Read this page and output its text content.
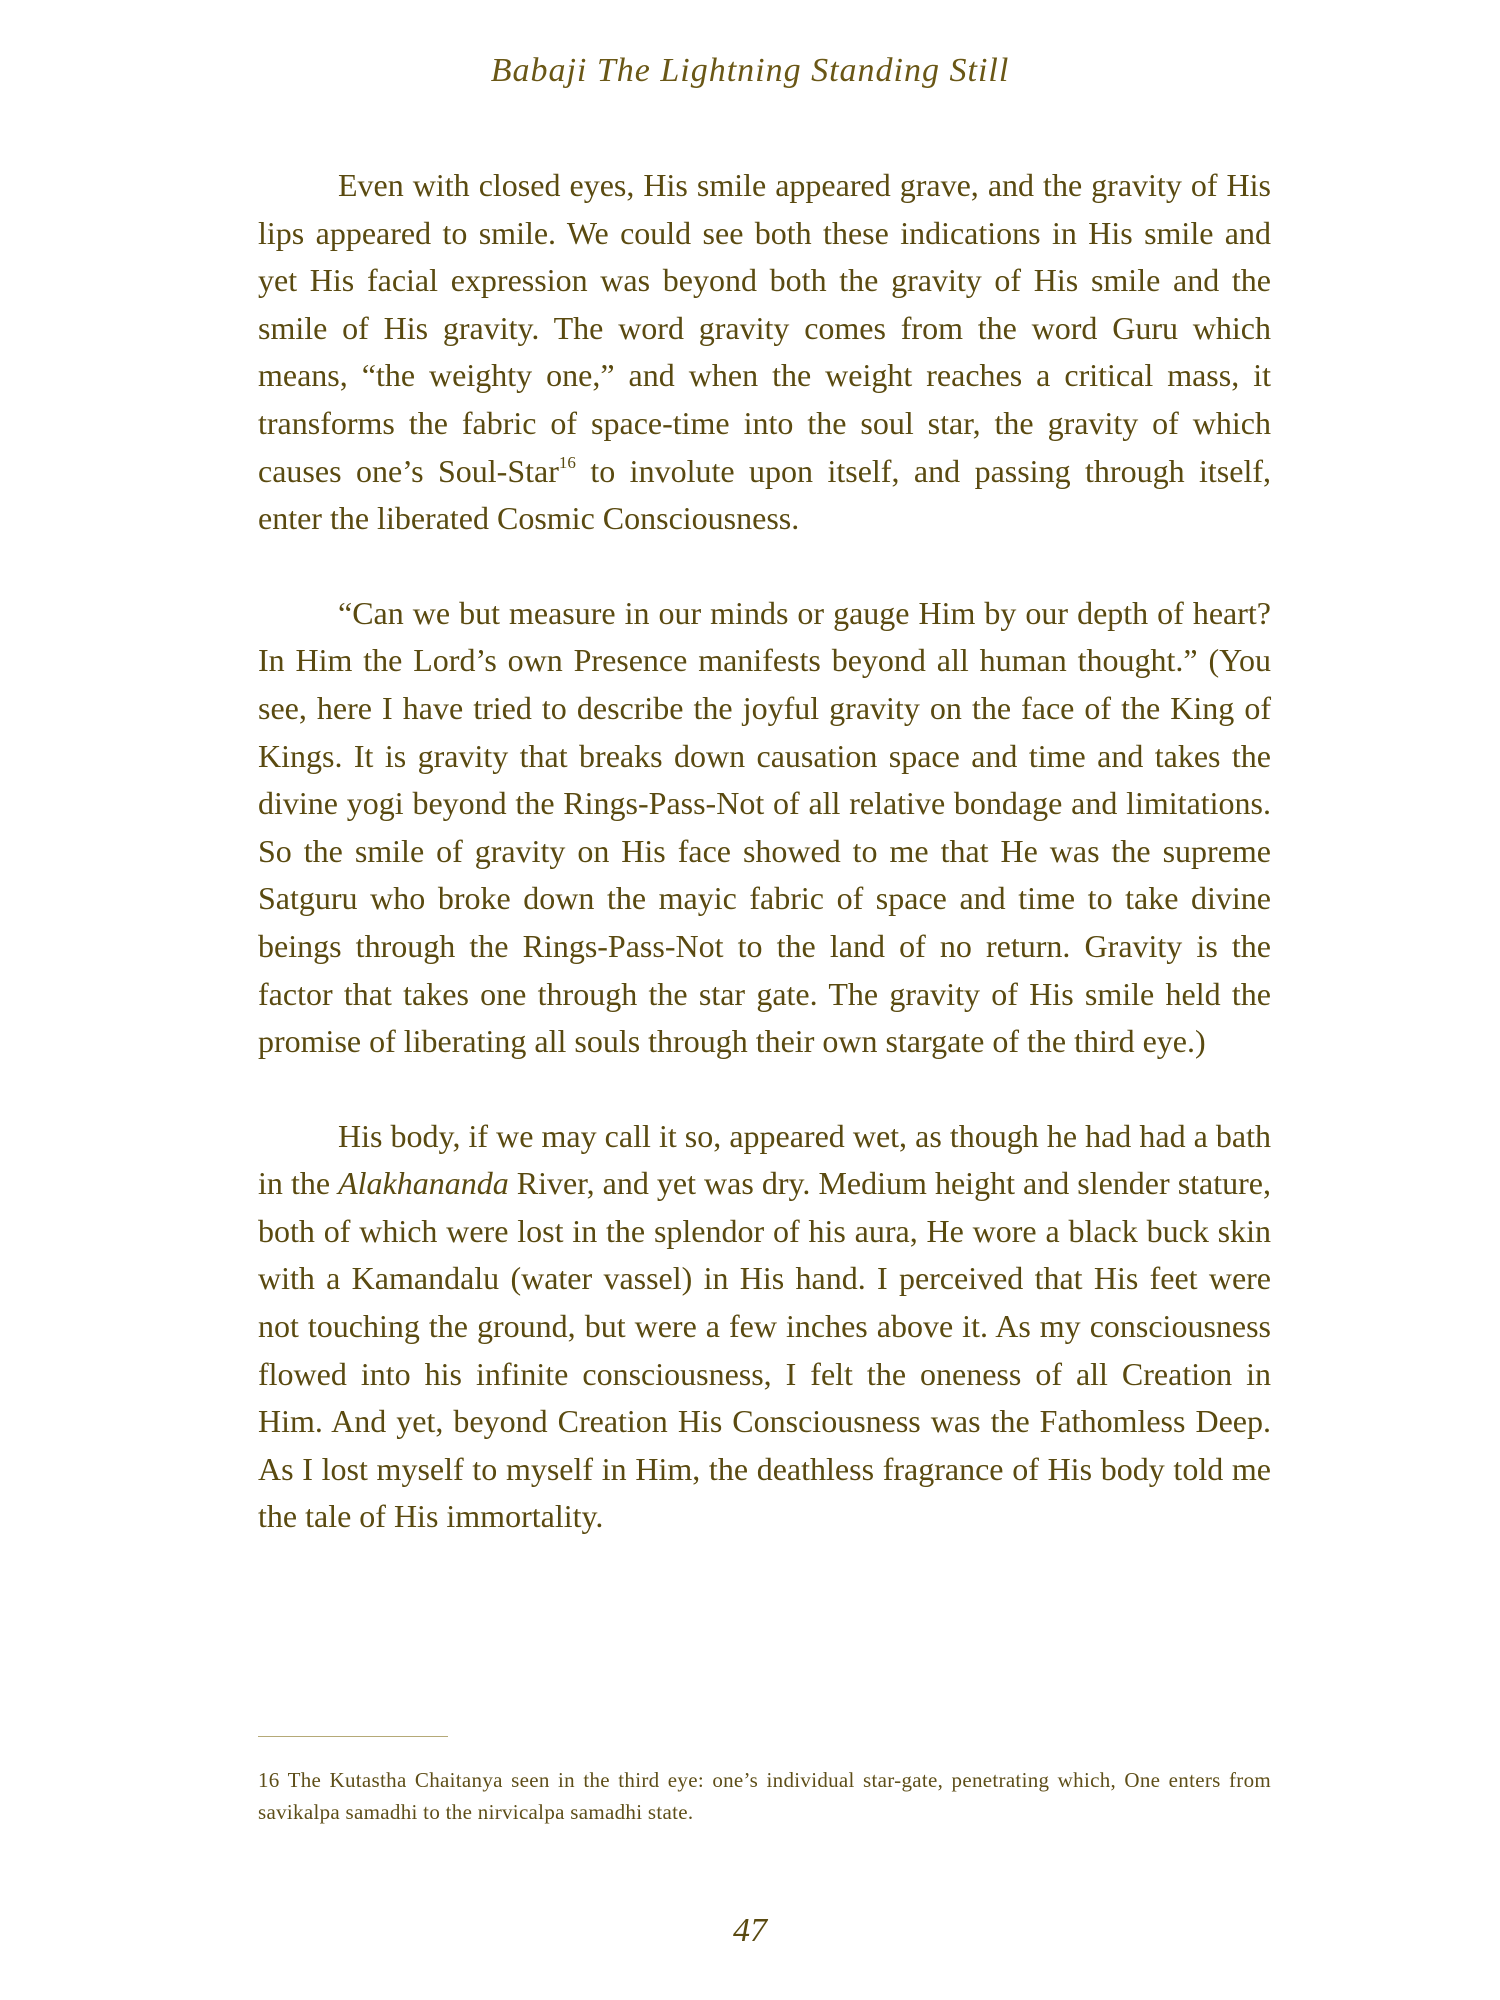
Babaji The Lightning Standing Still

Even with closed eyes, His smile appeared grave, and the gravity of His lips appeared to smile. We could see both these indications in His smile and yet His facial expression was beyond both the gravity of His smile and the smile of His gravity. The word gravity comes from the word Guru which means, “the weighty one,” and when the weight reaches a critical mass, it transforms the fabric of space-time into the soul star, the gravity of which causes one’s Soul-Star$^{16}$ to involute upon itself, and passing through itself, enter the liberated Cosmic Consciousness.

“Can we but measure in our minds or gauge Him by our depth of heart? In Him the Lord’s own Presence manifests beyond all human thought.” (You see, here I have tried to describe the joyful gravity on the face of the King of Kings. It is gravity that breaks down causation space and time and takes the divine yogi beyond the Rings-Pass-Not of all relative bondage and limitations. So the smile of gravity on His face showed to me that He was the supreme Satguru who broke down the mayic fabric of space and time to take divine beings through the Rings-Pass-Not to the land of no return. Gravity is the factor that takes one through the star gate. The gravity of His smile held the promise of liberating all souls through their own stargate of the third eye.)

His body, if we may call it so, appeared wet, as though he had had a bath in the Alakhananda River, and yet was dry. Medium height and slender stature, both of which were lost in the splendor of his aura, He wore a black buck skin with a Kamandalu (water vassel) in His hand. I perceived that His feet were not touching the ground, but were a few inches above it. As my consciousness flowed into his infinite consciousness, I felt the oneness of all Creation in Him. And yet, beyond Creation His Consciousness was the Fathomless Deep. As I lost myself to myself in Him, the deathless fragrance of His body told me the tale of His immortality.

16 The Kutastha Chaitanya seen in the third eye: one’s individual star-gate, penetrating which, One enters from savikalpa samadhi to the nirvicalpa samadhi state.
47
